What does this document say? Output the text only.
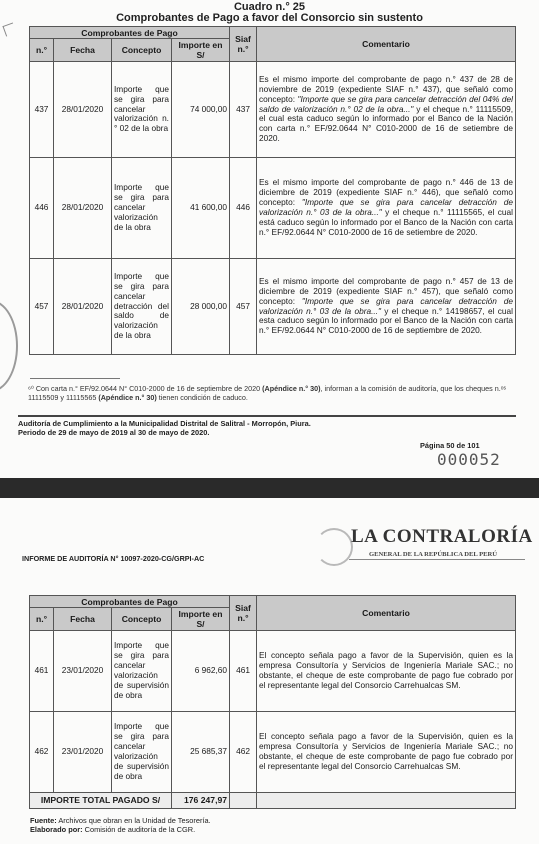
Cuadro n.° 25
Comprobantes de Pago a favor del Consorcio sin sustento
Comprobantes de Pago				Siaf n.°	Comentario
n.°	Fecha	Concepto	Importe en S/		
437	28/01/2020	Importe que se gira para cancelar valorización n.° 02 de la obra	74 000,00	437	Es el mismo importe del comprobante de pago n.° 437 de 28 de noviembre de 2019 (expediente SIAF n.° 437), que señaló como concepto: "Importe que se gira para cancelar detracción del 04% del saldo de valorización n.° 02 de la obra..." y el cheque n.° 11115509, el cual esta caduco según lo informado por el Banco de la Nación con carta n.° EF/92.0644 N° C010-2000 de 16 de setiembre de 2020.
446	28/01/2020	Importe que se gira para cancelar valorización de la obra	41 600,00	446	Es el mismo importe del comprobante de pago n.° 446 de 13 de diciembre de 2019 (expediente SIAF n.° 446), que señaló como concepto: "Importe que se gira para cancelar detracción de valorización n.° 03 de la obra..." y el cheque n.° 11115565, el cual está caduco según lo informado por el Banco de la Nación con carta n.° EF/92.0644 N° C010-2000 de 16 de setiembre de 2020.
457	28/01/2020	Importe que se gira para cancelar detracción del saldo de valorización de la obra	28 000,00	457	Es el mismo importe del comprobante de pago n.° 457 de 13 de diciembre de 2019 (expediente SIAF n.° 457), que señaló como concepto: "Importe que se gira para cancelar detracción de valorización n.° 03 de la obra..." y el cheque n.° 14198657, el cual esta caduco según lo informado por el Banco de la Nación con carta n.° EF/92.0644 N° C010-2000 de 16 de septiembre de 2020.
⁶⁰ Con carta n.° EF/92.0644 N° C010-2000 de 16 de septiembre de 2020 (Apéndice n.° 30), informan a la comisión de auditoría, que los cheques n.ᵒˢ 11115509 y 11115565 (Apéndice n.° 30) tienen condición de caduco.
Auditoría de Cumplimiento a la Municipalidad Distrital de Salitral - Morropón, Piura.
Periodo de 29 de mayo de 2019 al 30 de mayo de 2020.
Página 50 de 101
000052
LA CONTRALORÍA
GENERAL DE LA REPÚBLICA DEL PERÚ
INFORME DE AUDITORÍA N° 10097-2020-CG/GRPI-AC
Comprobantes de Pago				Siaf n.°	Comentario
n.°	Fecha	Concepto	Importe en S/		
461	23/01/2020	Importe que se gira para cancelar valorización de supervisión de obra	6 962,60	461	El concepto señala pago a favor de la Supervisión, quien es la empresa Consultoría y Servicios de Ingeniería Mariale SAC.; no obstante, el cheque de este comprobante de pago fue cobrado por el representante legal del Consorcio Carrehualcas SM.
462	23/01/2020	Importe que se gira para cancelar valorización de supervisión de obra	25 685,37	462	El concepto señala pago a favor de la Supervisión, quien es la empresa Consultoría y Servicios de Ingeniería Mariale SAC.; no obstante, el cheque de este comprobante de pago fue cobrado por el representante legal del Consorcio Carrehualcas SM.
IMPORTE TOTAL PAGADO S/			176 247,97		
Fuente: Archivos que obran en la Unidad de Tesorería.
Elaborado por: Comisión de auditoría de la CGR.
